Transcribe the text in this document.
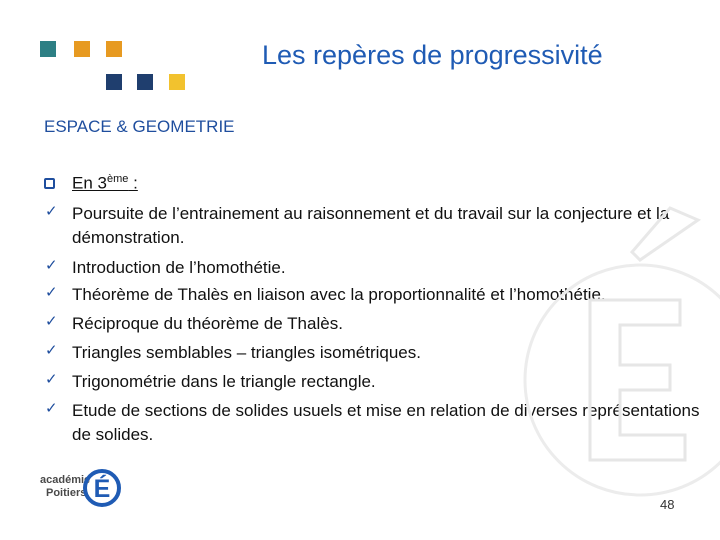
Les repères de progressivité
ESPACE & GEOMETRIE
En 3ème :
✓ Poursuite de l’entrainement au raisonnement et du travail sur la conjecture et la démonstration.
✓ Introduction de l’homothétie.
✓ Théorème de Thalès en liaison avec la proportionnalité et l’homothétie.
✓ Réciproque du théorème de Thalès.
✓ Triangles semblables – triangles isométriques.
✓ Trigonométrie dans le triangle rectangle.
✓ Etude de sections de solides usuels et mise en relation de diverses représentations de solides.
académie
Poitiers É
48
